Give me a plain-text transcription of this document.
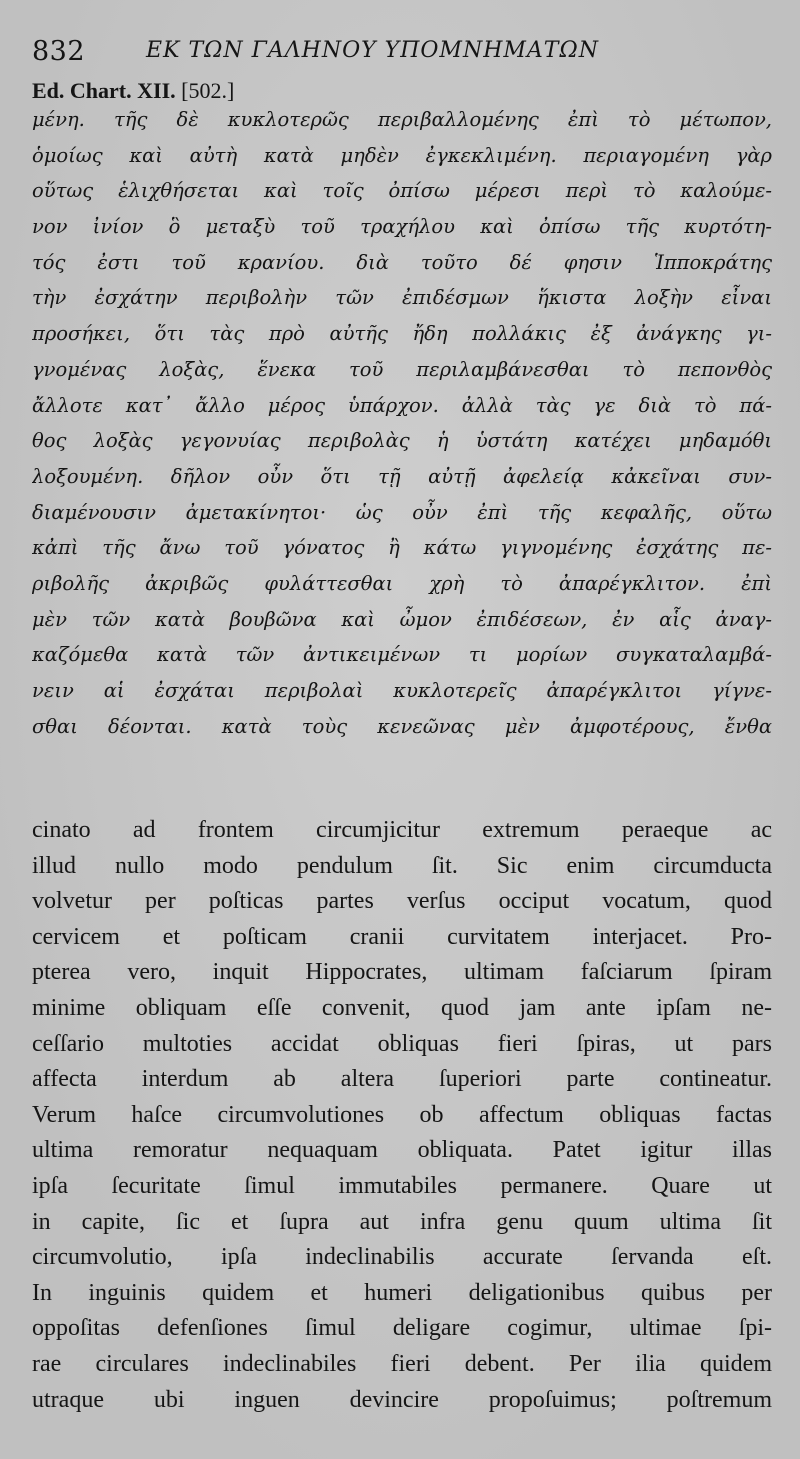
832	ΕΚ ΤΩΝ ΓΑΛΗΝΟΥ ΥΠΟΜΝΗΜΑΤΩΝ
Ed. Chart. XII. [502.]
μένη. τῆς δὲ κυκλοτερῶς περιβαλλομένης ἐπὶ τὸ μέτωπον,
ὁμοίως καὶ αὐτὴ κατὰ μηδὲν ἐγκεκλιμένη. περιαγομένη γὰρ
οὕτως ἑλιχθήσεται καὶ τοῖς ὀπίσω μέρεσι περὶ τὸ καλούμε-
νον ἰνίον ὃ μεταξὺ τοῦ τραχήλου καὶ ὀπίσω τῆς κυρτότη-
τός ἐστι τοῦ κρανίου. διὰ τοῦτο δέ φησιν Ἱπποκράτης
τὴν ἐσχάτην περιβολὴν τῶν ἐπιδέσμων ἥκιστα λοξὴν εἶναι
προσήκει, ὅτι τὰς πρὸ αὐτῆς ἤδη πολλάκις ἐξ ἀνάγκης γι-
γνομένας λοξὰς, ἕνεκα τοῦ περιλαμβάνεσθαι τὸ πεπονθὸς
ἄλλοτε κατ᾽ ἄλλο μέρος ὑπάρχον. ἀλλὰ τὰς γε διὰ τὸ πά-
θος λοξὰς γεγονυίας περιβολὰς ἡ ὑστάτη κατέχει μηδαμόθι
λοξουμένη. δῆλον οὖν ὅτι τῇ αὐτῇ ἀφελείᾳ κἀκεῖναι συν-
διαμένουσιν ἀμετακίνητοι· ὡς οὖν ἐπὶ τῆς κεφαλῆς, οὕτω
κἀπὶ τῆς ἄνω τοῦ γόνατος ἢ κάτω γιγνομένης ἐσχάτης πε-
ριβολῆς ἀκριβῶς φυλάττεσθαι χρὴ τὸ ἀπαρέγκλιτον. ἐπὶ
μὲν τῶν κατὰ βουβῶνα καὶ ὦμον ἐπιδέσεων, ἐν αἷς ἀναγ-
καζόμεθα κατὰ τῶν ἀντικειμένων τι μορίων συγκαταλαμβά-
νειν αἱ ἐσχάται περιβολαὶ κυκλοτερεῖς ἀπαρέγκλιτοι γίγνε-
σθαι δέονται. κατὰ τοὺς κενεῶνας μὲν ἀμφοτέρους, ἔνθα
cinato ad frontem circumjicitur extremum peraeque ac
illud nullo modo pendulum ſit. Sic enim circumducta
volvetur per poſticas partes verſus occiput vocatum, quod
cervicem et poſticam cranii curvitatem interjacet. Pro-
pterea vero, inquit Hippocrates, ultimam faſciarum ſpiram
minime obliquam eſſe convenit, quod jam ante ipſam ne-
ceſſario multoties accidat obliquas fieri ſpiras, ut pars
affecta interdum ab altera ſuperiori parte contineatur.
Verum haſce circumvolutiones ob affectum obliquas factas
ultima remoratur nequaquam obliquata. Patet igitur illas
ipſa ſecuritate ſimul immutabiles permanere. Quare ut
in capite, ſic et ſupra aut infra genu quum ultima ſit
circumvolutio, ipſa indeclinabilis accurate ſervanda eſt.
In inguinis quidem et humeri deligationibus quibus per
oppoſitas defenſiones ſimul deligare cogimur, ultimae ſpi-
rae circulares indeclinabiles fieri debent. Per ilia quidem
utraque ubi inguen devincire propoſuimus; poſtremum
